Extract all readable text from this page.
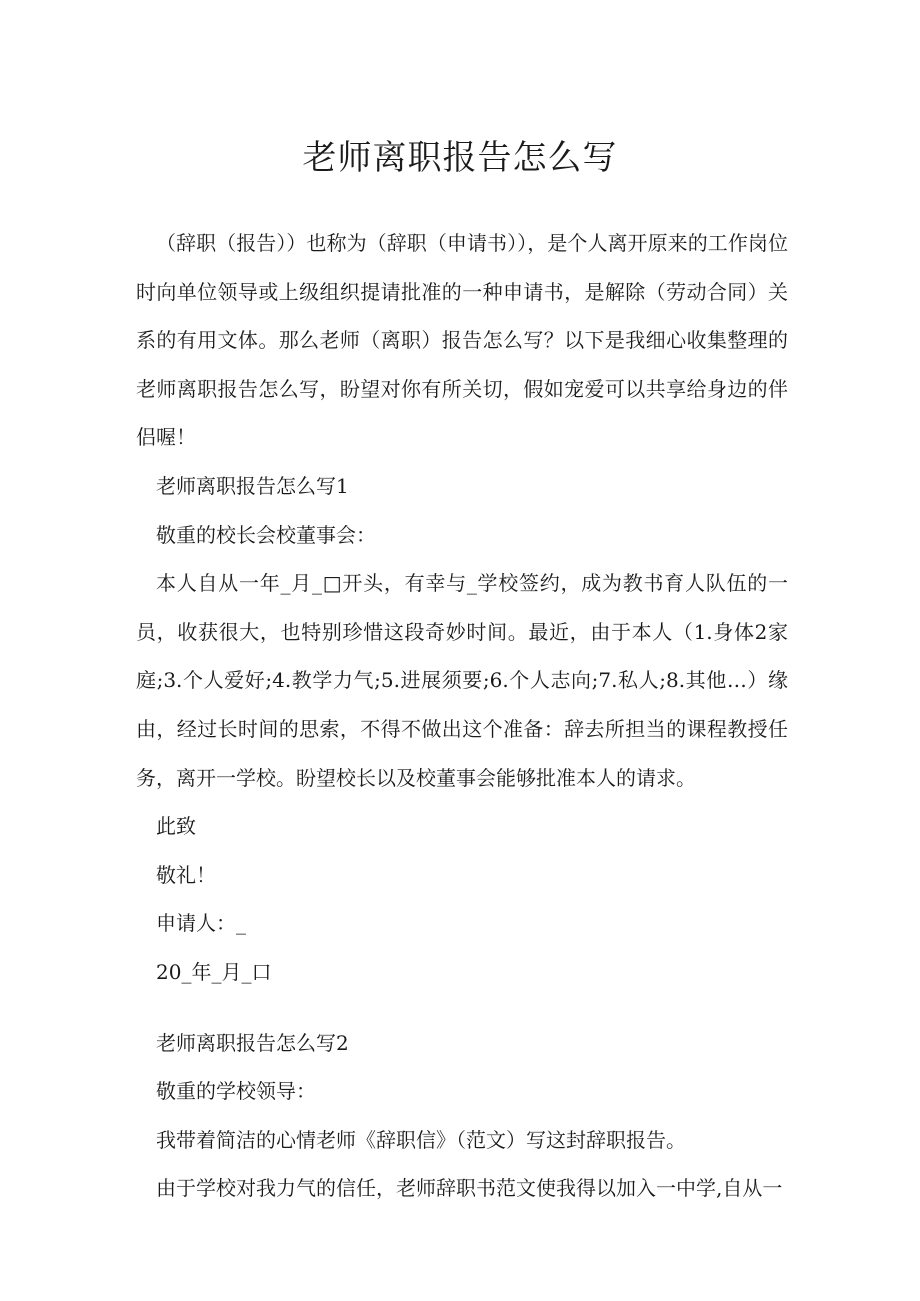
老师离职报告怎么写

（辞职（报告））也称为（辞职（申请书）），是个人离开原来的工作岗位时向单位领导或上级组织提请批准的一种申请书，是解除（劳动合同）关系的有用文体。那么老师（离职）报告怎么写？以下是我细心收集整理的老师离职报告怎么写，盼望对你有所关切，假如宠爱可以共享给身边的伴侣喔！

老师离职报告怎么写1

敬重的校长会校董事会：

本人自从一年_月_□开头，有幸与_学校签约，成为教书育人队伍的一员，收获很大，也特别珍惜这段奇妙时间。最近，由于本人（1.身体2家庭;3.个人爱好;4.教学力气;5.进展须要;6.个人志向;7.私人;8.其他…）缘由，经过长时间的思索，不得不做出这个准备：辞去所担当的课程教授任务，离开一学校。盼望校长以及校董事会能够批准本人的请求。

此致

敬礼！

申请人：_

20_年_月_口

老师离职报告怎么写2

敬重的学校领导：

我带着简洁的心情老师《辞职信》（范文）写这封辞职报告。

由于学校对我力气的信任，老师辞职书范文使我得以加入一中学,自从一
